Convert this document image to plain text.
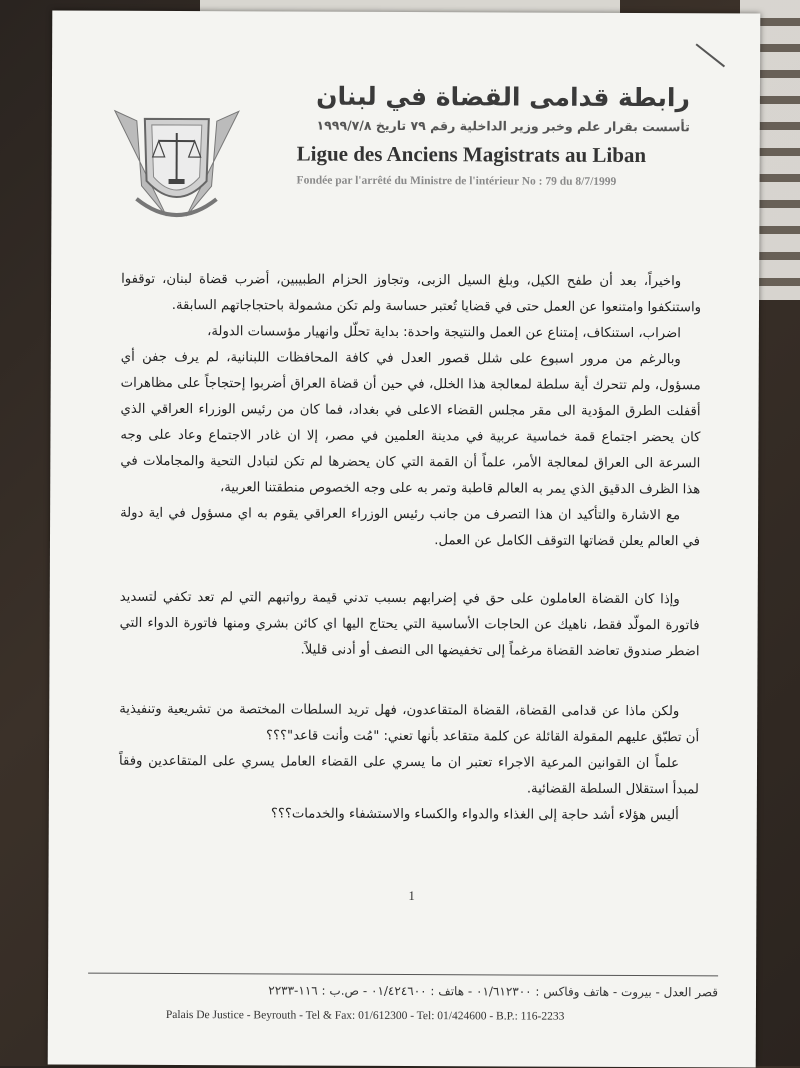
رابطة قدامى القضاة في لبنان
تأسست بقرار علم وخبر وزير الداخلية رقم ٧٩ تاريخ ١٩٩٩/٧/٨
Ligue des Anciens Magistrats au Liban
Fondée par l'arrêté du Ministre de l'intérieur No : 79 du 8/7/1999

واخيراً، بعد أن طفح الكيل، وبلغ السيل الزبى، وتجاوز الحزام الطبيبين، أضرب قضاة لبنان، توقفوا واستنكفوا وامتنعوا عن العمل حتى في قضايا تُعتبر حساسة ولم تكن مشمولة باحتجاجاتهم السابقة.

اضراب، استنكاف، إمتناع عن العمل والنتيجة واحدة: بداية تحلّل وانهيار مؤسسات الدولة،

وبالرغم من مرور اسبوع على شلل قصور العدل في كافة المحافظات اللبنانية، لم يرف جفن أي مسؤول، ولم تتحرك أية سلطة لمعالجة هذا الخلل، في حين أن قضاة العراق أضربوا إحتجاجاً على مظاهرات أقفلت الطرق المؤدية الى مقر مجلس القضاء الاعلى في بغداد، فما كان من رئيس الوزراء العراقي الذي كان يحضر اجتماع قمة خماسية عربية في مدينة العلمين في مصر، إلا ان غادر الاجتماع وعاد على وجه السرعة الى العراق لمعالجة الأمر، علماً أن القمة التي كان يحضرها لم تكن لتبادل التحية والمجاملات في هذا الظرف الدقيق الذي يمر به العالم قاطبة وتمر به على وجه الخصوص منطقتنا العربية،

مع الاشارة والتأكيد ان هذا التصرف من جانب رئيس الوزراء العراقي يقوم به اي مسؤول في اية دولة في العالم يعلن قضاتها التوقف الكامل عن العمل.

وإذا كان القضاة العاملون على حق في إضرابهم بسبب تدني قيمة رواتبهم التي لم تعد تكفي لتسديد فاتورة المولّد فقط، ناهيك عن الحاجات الأساسية التي يحتاج اليها اي كائن بشري ومنها فاتورة الدواء التي اضطر صندوق تعاضد القضاة مرغماً إلى تخفيضها الى النصف أو أدنى قليلاً.

ولكن ماذا عن قدامى القضاة، القضاة المتقاعدون، فهل تريد السلطات المختصة من تشريعية وتنفيذية أن تطبّق عليهم المقولة القائلة عن كلمة متقاعد بأنها تعني: "مُت وأنت قاعد"؟؟؟

علماً ان القوانين المرعية الاجراء تعتبر ان ما يسري على القضاء العامل يسري على المتقاعدين وفقاً لمبدأ استقلال السلطة القضائية.

أليس هؤلاء أشد حاجة إلى الغذاء والدواء والكساء والاستشفاء والخدمات؟؟؟

1
قصر العدل - بيروت - هاتف وفاكس : ٠١/٦١٢٣٠٠ - هاتف : ٠١/٤٢٤٦٠٠ - ص.ب : ١١٦-٢٢٣٣
Palais De Justice - Beyrouth - Tel & Fax: 01/612300 - Tel: 01/424600 - B.P.: 116-2233
